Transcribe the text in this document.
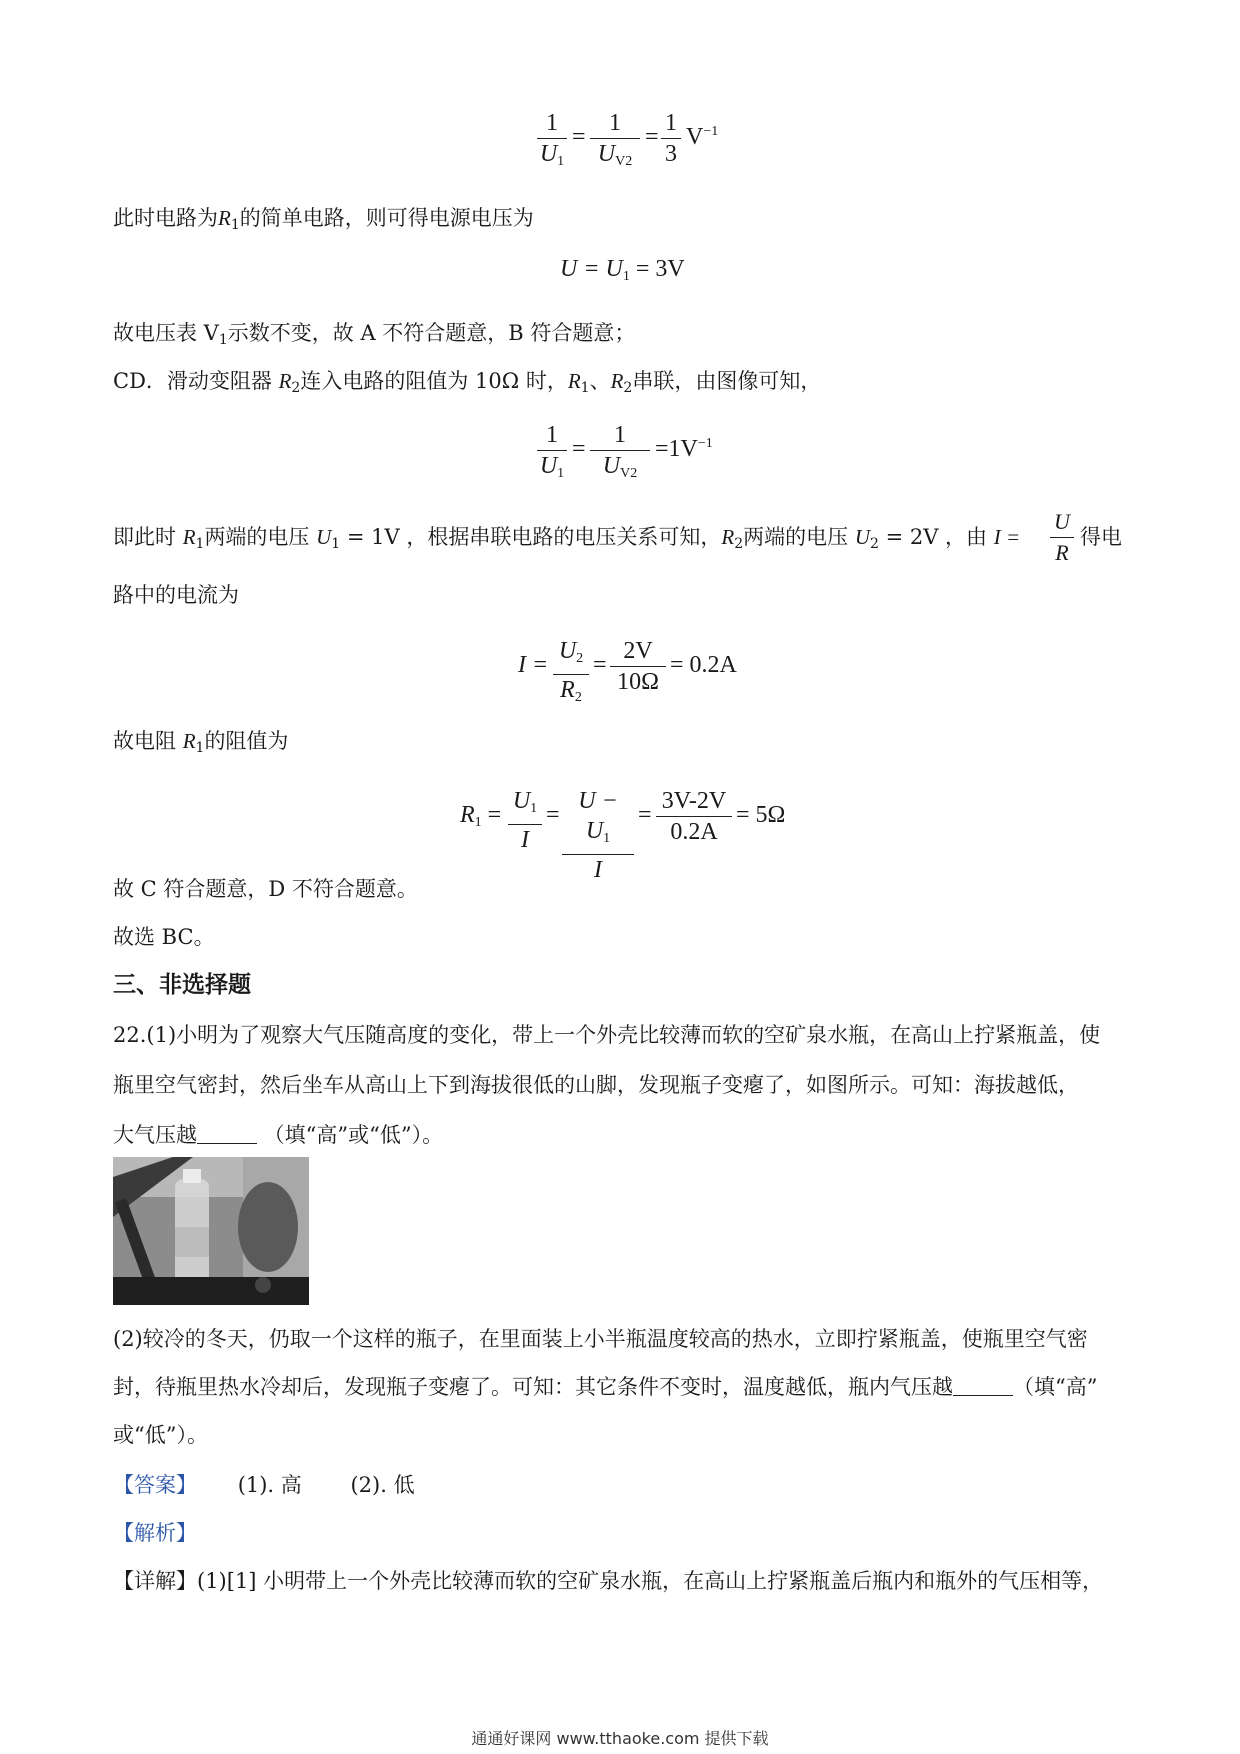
$\frac{1}{U_1} = \frac{1}{U_{V2}} = \frac{1}{3} V^{-1}$
此时电路为$R_1$的简单电路，则可得电源电压为
$U = U_1 = 3V$
故电压表 $V_1$示数不变，故 A 不符合题意，B 符合题意；
CD．滑动变阻器 $R_2$连入电路的阻值为 10Ω 时，$R_1$、$R_2$串联，由图像可知，
$\frac{1}{U_1} = \frac{1}{U_{V2}} =1V^{-1}$
即此时 $R_1$两端的电压 $U_1 = 1V$ ，根据串联电路的电压关系可知，$R_2$两端的电压 $U_2 = 2V$ ，由 $I = \frac{U}{R}$ 得电
路中的电流为
$I = \frac{U_2}{R_2} = \frac{2V}{10\Omega} = 0.2A$
故电阻 $R_1$的阻值为
$R_1 = \frac{U_1}{I} = \frac{U - U_1}{I} = \frac{3V-2V}{0.2A} = 5\Omega$
故 C 符合题意，D 不符合题意。
故选 BC。
三、非选择题
22.(1)小明为了观察大气压随高度的变化，带上一个外壳比较薄而软的空矿泉水瓶，在高山上拧紧瓶盖，使
瓶里空气密封，然后坐车从高山上下到海拔很低的山脚，发现瓶子变瘪了，如图所示。可知：海拔越低，
大气压越	（填“高”或“低”）。
(2)较冷的冬天，仍取一个这样的瓶子，在里面装上小半瓶温度较高的热水，立即拧紧瓶盖，使瓶里空气密
封，待瓶里热水冷却后，发现瓶子变瘪了。可知：其它条件不变时，温度越低，瓶内气压越	（填“高”
或“低”）。
【答案】 (1). 高 (2). 低
【解析】
【详解】(1)[1] 小明带上一个外壳比较薄而软的空矿泉水瓶，在高山上拧紧瓶盖后瓶内和瓶外的气压相等，
通通好课网 www.tthaoke.com 提供下载
